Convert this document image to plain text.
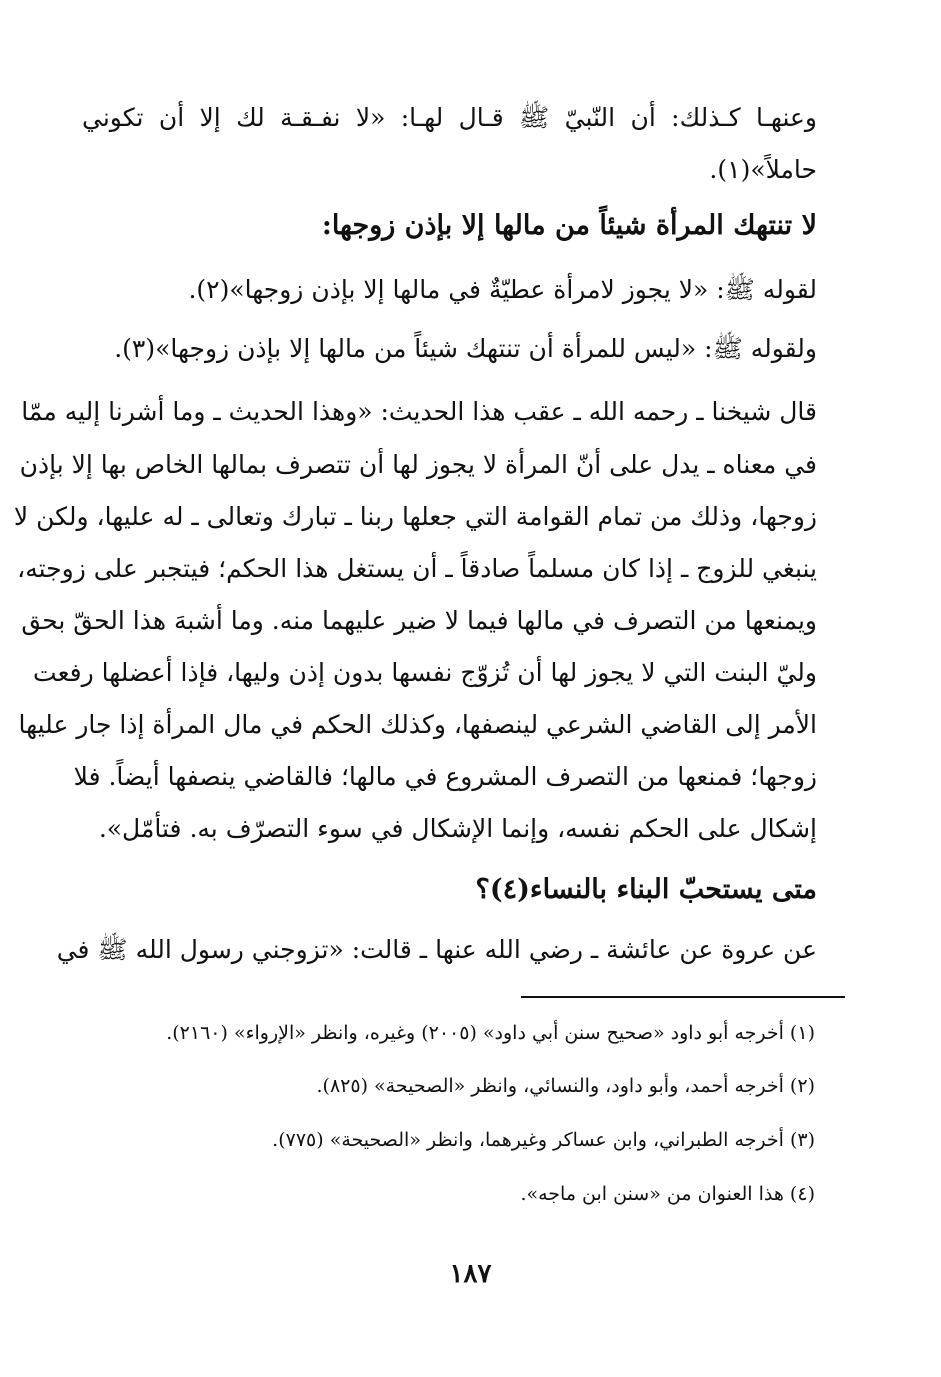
وعنهـا كـذلك: أن النّبيّ ﷺ قـال لهـا: «لا نفـقـة لك إلا أن تكوني
حاملاً»(١).
لا تنتهك المرأة شيئاً من مالها إلا بإذن زوجها:
لقوله ﷺ: «لا يجوز لامرأة عطيّةٌ في مالها إلا بإذن زوجها»(٢).
ولقوله ﷺ: «ليس للمرأة أن تنتهك شيئاً من مالها إلا بإذن زوجها»(٣).
قال شيخنا ـ رحمه الله ـ عقب هذا الحديث: «وهذا الحديث ـ وما أشرنا إليه ممّا
في معناه ـ يدل على أنّ المرأة لا يجوز لها أن تتصرف بمالها الخاص بها إلا بإذن
زوجها، وذلك من تمام القوامة التي جعلها ربنا ـ تبارك وتعالى ـ له عليها، ولكن لا
ينبغي للزوج ـ إذا كان مسلماً صادقاً ـ أن يستغل هذا الحكم؛ فيتجبر على زوجته،
ويمنعها من التصرف في مالها فيما لا ضير عليهما منه. وما أشبهَ هذا الحقّ بحق
وليّ البنت التي لا يجوز لها أن تُزوّج نفسها بدون إذن وليها، فإذا أعضلها رفعت
الأمر إلى القاضي الشرعي لينصفها، وكذلك الحكم في مال المرأة إذا جار عليها
زوجها؛ فمنعها من التصرف المشروع في مالها؛ فالقاضي ينصفها أيضاً. فلا
إشكال على الحكم نفسه، وإنما الإشكال في سوء التصرّف به. فتأمّل».
متى يستحبّ البناء بالنساء(٤)؟
عن عروة عن عائشة ـ رضي الله عنها ـ قالت: «تزوجني رسول الله ﷺ في
(١) أخرجه أبو داود «صحيح سنن أبي داود» (٢٠٠٥) وغيره، وانظر «الإرواء» (٢١٦٠).
(٢) أخرجه أحمد، وأبو داود، والنسائي، وانظر «الصحيحة» (٨٢٥).
(٣) أخرجه الطبراني، وابن عساكر وغيرهما، وانظر «الصحيحة» (٧٧٥).
(٤) هذا العنوان من «سنن ابن ماجه».
١٨٧
